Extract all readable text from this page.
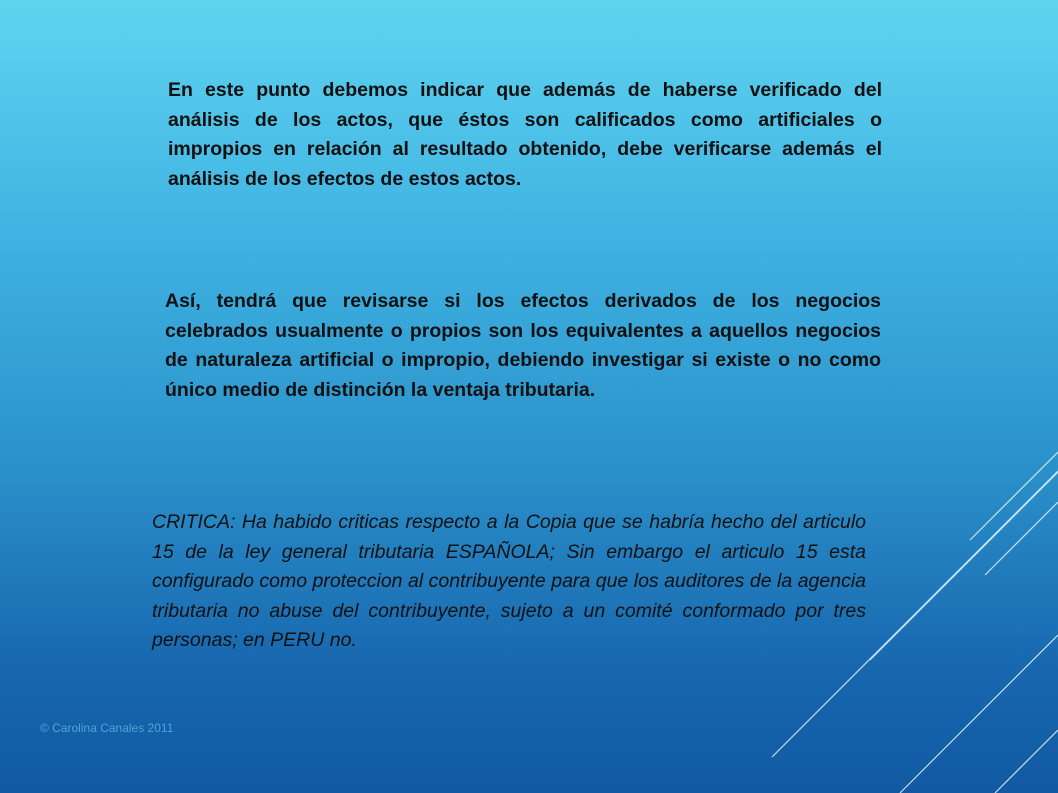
En este punto debemos indicar que además de haberse verificado del análisis de los actos, que éstos son calificados como artificiales o impropios en relación al resultado obtenido, debe verificarse además el análisis de los efectos de estos actos.

Así, tendrá que revisarse si los efectos derivados de los negocios celebrados usualmente o propios son los equivalentes a aquellos negocios de naturaleza artificial o impropio, debiendo investigar si existe o no como único medio de distinción la ventaja tributaria.

CRITICA: Ha habido criticas respecto a la Copia que se habría hecho del articulo 15 de la ley general tributaria ESPAÑOLA; Sin embargo el articulo 15 esta configurado como proteccion al contribuyente para que los auditores de la agencia tributaria no abuse del contribuyente, sujeto a un comité conformado por tres personas; en PERU no.

© Carolina Canales 2011
